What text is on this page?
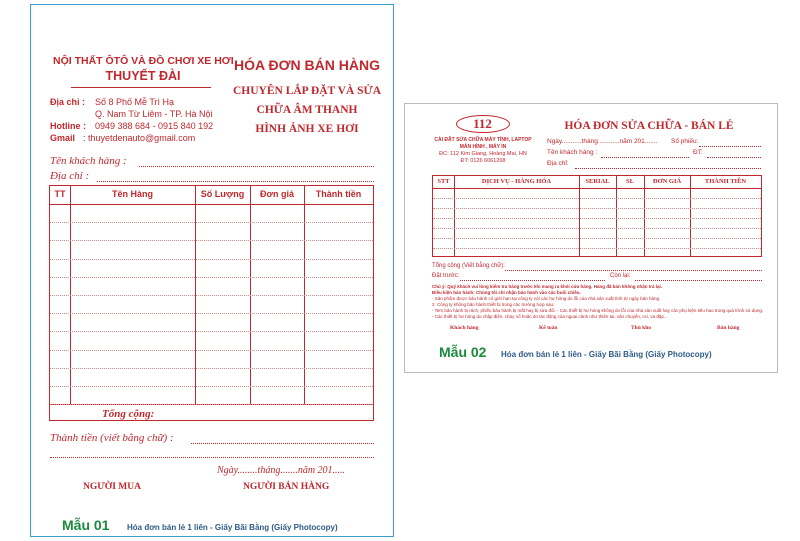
NỘI THẤT ÔTÔ VÀ ĐỒ CHƠI XE HƠI
THUYẾT ĐÀI
Địa chỉ : Số 8 Phố Mễ Trì Hạ
Q. Nam Từ Liêm - TP. Hà Nội
Hotline : 0949 388 684 - 0915 840 192
Gmail : thuyetdenauto@gmail.com
HÓA ĐƠN BÁN HÀNG
CHUYÊN LẮP ĐẶT VÀ SỬA
CHỮA ÂM THANH
HÌNH ẢNH XE HƠI
Tên khách hàng :
Địa chỉ :
TT	Tên Hàng	Số Lượng	Đơn giá	Thành tiền
Tổng cộng:
Thành tiền (viết bằng chữ) :
Ngày........tháng.......năm 201.....
NGƯỜI MUA	NGƯỜI BÁN HÀNG
Mẫu 01 Hóa đơn bán lẻ 1 liên - Giấy Bãi Bằng (Giấy Photocopy)
112
CÀI ĐẶT SỬA CHỮA MÁY TÍNH, LAPTOP
MÀN HÌNH , MÁY IN
ĐC: 112 Kim Giang, Hoàng Mai, HN
ĐT: 0126 6061268
HÓA ĐƠN SỬA CHỮA - BÁN LẺ
Ngày...........tháng............năm 201....... Số phiếu:
Tên khách hàng :	ĐT:
Địa chỉ:
STT	DỊCH VỤ - HÀNG HÓA	SERIAL	SL	ĐƠN GIÁ	THÀNH TIỀN
Tổng cộng (Viết bằng chữ):
Đặt trước:	Còn lại:
Chú ý: Quý khách vui lòng kiểm tra hàng trước khi mang ra khỏi cửa hàng. Hàng đã bán không nhận trả lại.
Điều kiện bảo hành: Chúng tôi chỉ nhận bảo hành vào các buổi chiều.
- Sản phẩm được bảo hành có giới hạn tại công ty với các hư hỏng do lỗi của nhà sản xuất tính từ ngày bán hàng.
2. Công ty không bảo hành thiết bị trong các trường hợp sau:
- Tem bảo hành bị rách, phiếu bảo hành bị mất hay bị sửa đổi. - Các thiết bị hư hỏng không do lỗi của nhà sản xuất hay các phụ kiện tiêu hao trong quá trình sử dụng.
- Các thiết bị hư hỏng do chập điện, cháy nổ hoặc do tác động của ngoại cảnh như thiên tai, vận chuyển, rơi, va đập...
Khách hàng	Kế toán	Thủ kho	Bán hàng
Mẫu 02 Hóa đơn bán lẻ 1 liên - Giấy Bãi Bằng (Giấy Photocopy)
